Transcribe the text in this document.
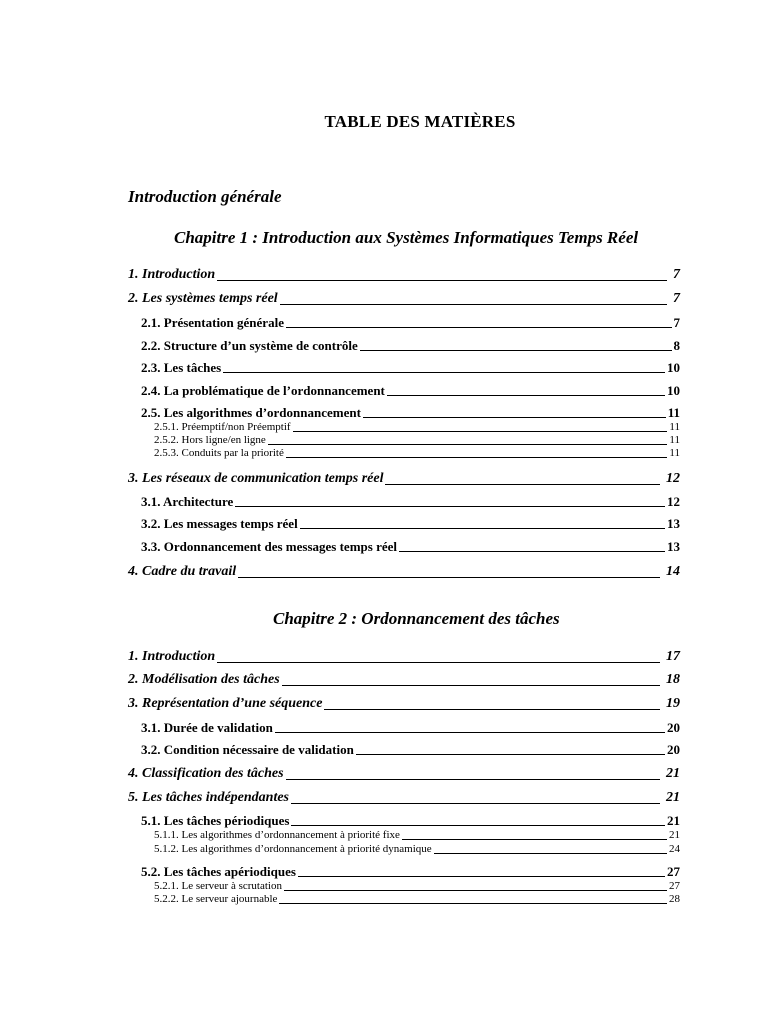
TABLE DES MATIÈRES
Introduction générale
Chapitre 1 : Introduction aux Systèmes Informatiques Temps Réel
1. Introduction	7
2. Les systèmes temps réel	7
2.1. Présentation générale	7
2.2. Structure d’un système de contrôle	8
2.3. Les tâches	10
2.4. La problématique de l’ordonnancement	10
2.5. Les algorithmes d’ordonnancement	11
2.5.1. Préemptif/non Préemptif	11
2.5.2. Hors ligne/en ligne	11
2.5.3. Conduits par la priorité	11
3. Les réseaux de communication temps réel	12
3.1. Architecture	12
3.2. Les messages temps réel	13
3.3. Ordonnancement des messages temps réel	13
4. Cadre du travail	14
Chapitre 2 : Ordonnancement des tâches
1. Introduction	17
2. Modélisation des tâches	18
3. Représentation d’une séquence	19
3.1. Durée de validation	20
3.2. Condition nécessaire de validation	20
4. Classification des tâches	21
5. Les tâches indépendantes	21
5.1. Les tâches périodiques	21
5.1.1. Les algorithmes d’ordonnancement à priorité fixe	21
5.1.2. Les algorithmes d’ordonnancement à priorité dynamique	24
5.2. Les tâches apériodiques	27
5.2.1. Le serveur à scrutation	27
5.2.2. Le serveur ajournable	28
